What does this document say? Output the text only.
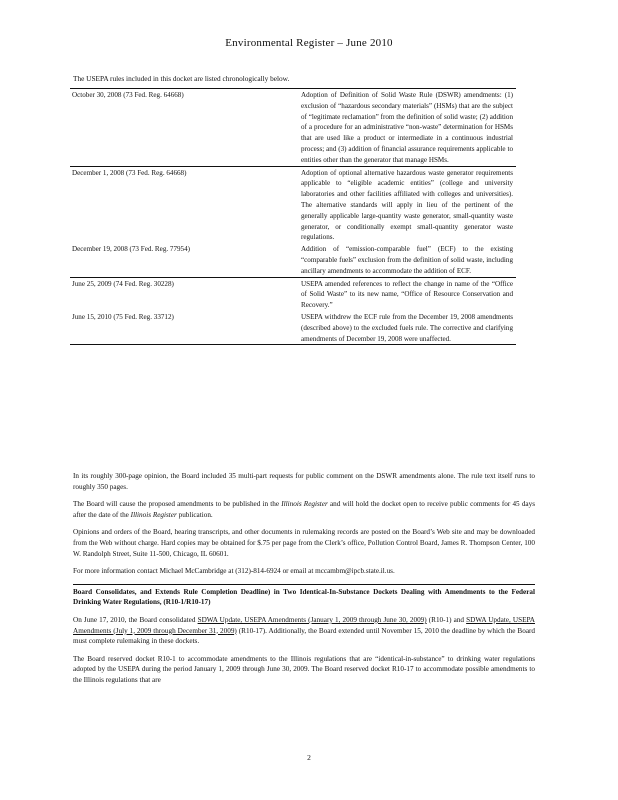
Environmental Register – June 2010
The USEPA rules included in this docket are listed chronologically below.
October 30, 2008 (73 Fed. Reg. 64668)	Adoption of Definition of Solid Waste Rule (DSWR) amendments: (1) exclusion of “hazardous secondary materials” (HSMs) that are the subject of “legitimate reclamation” from the definition of solid waste; (2) addition of a procedure for an administrative “non-waste” determination for HSMs that are used like a product or intermediate in a continuous industrial process; and (3) addition of financial assurance requirements applicable to entities other than the generator that manage HSMs.
December 1, 2008 (73 Fed. Reg. 64668)	Adoption of optional alternative hazardous waste generator requirements applicable to “eligible academic entities” (college and university laboratories and other facilities affiliated with colleges and universities). The alternative standards will apply in lieu of the pertinent of the generally applicable large-quantity waste generator, small-quantity waste generator, or conditionally exempt small-quantity generator waste regulations.
December 19, 2008 (73 Fed. Reg. 77954)	Addition of “emission-comparable fuel” (ECF) to the existing “comparable fuels” exclusion from the definition of solid waste, including ancillary amendments to accommodate the addition of ECF.
June 25, 2009 (74 Fed. Reg. 30228)	USEPA amended references to reflect the change in name of the “Office of Solid Waste” to its new name, “Office of Resource Conservation and Recovery.”
June 15, 2010 (75 Fed. Reg. 33712)	USEPA withdrew the ECF rule from the December 19, 2008 amendments (described above) to the excluded fuels rule. The corrective and clarifying amendments of December 19, 2008 were unaffected.

In its roughly 300-page opinion, the Board included 35 multi-part requests for public comment on the DSWR amendments alone. The rule text itself runs to roughly 350 pages.

The Board will cause the proposed amendments to be published in the Illinois Register and will hold the docket open to receive public comments for 45 days after the date of the Illinois Register publication.

Opinions and orders of the Board, hearing transcripts, and other documents in rulemaking records are posted on the Board’s Web site and may be downloaded from the Web without charge. Hard copies may be obtained for $.75 per page from the Clerk’s office, Pollution Control Board, James R. Thompson Center, 100 W. Randolph Street, Suite 11-500, Chicago, IL 60601.

For more information contact Michael McCambridge at (312)-814-6924 or email at mccambm@ipcb.state.il.us.

Board Consolidates, and Extends Rule Completion Deadline) in Two Identical-In-Substance Dockets Dealing with Amendments to the Federal Drinking Water Regulations, (R10-1/R10-17)

On June 17, 2010, the Board consolidated SDWA Update, USEPA Amendments (January 1, 2009 through June 30, 2009) (R10-1) and SDWA Update, USEPA Amendments (July 1, 2009 through December 31, 2009) (R10-17). Additionally, the Board extended until November 15, 2010 the deadline by which the Board must complete rulemaking in these dockets.

The Board reserved docket R10-1 to accommodate amendments to the Illinois regulations that are “identical-in-substance” to drinking water regulations adopted by the USEPA during the period January 1, 2009 through June 30, 2009. The Board reserved docket R10-17 to accommodate possible amendments to the Illinois regulations that are

2
